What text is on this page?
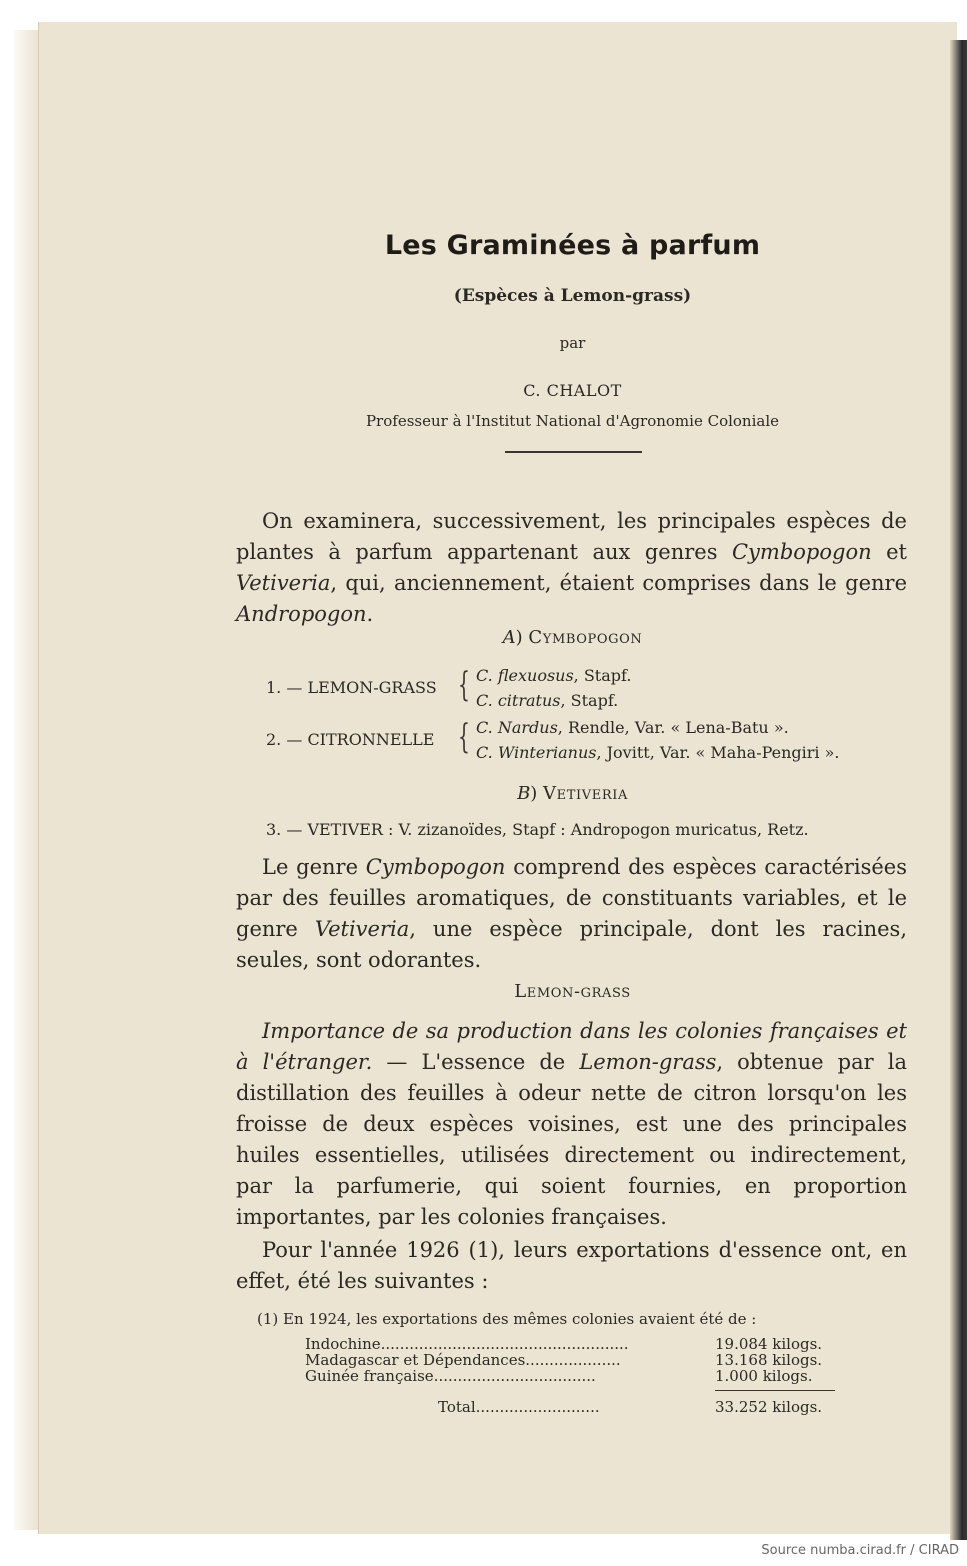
Les Graminées à parfum
(Espèces à Lemon-grass)
par
C. CHALOT
Professeur à l'Institut National d'Agronomie Coloniale

On examinera, successivement, les principales espèces de plantes à parfum appartenant aux genres Cymbopogon et Vetiveria, qui, anciennement, étaient comprises dans le genre Andropogon.

A) Cymbopogon
1. — LEMON-GRASS { C. flexuosus, Stapf.
C. citratus, Stapf.
2. — CITRONNELLE { C. Nardus, Rendle, Var. « Lena-Batu ».
C. Winterianus, Jovitt, Var. « Maha-Pengiri ».
B) Vetiveria
3. — VETIVER : V. zizanoïdes, Stapf : Andropogon muricatus, Retz.

Le genre Cymbopogon comprend des espèces caractérisées par des feuilles aromatiques, de constituants variables, et le genre Vetiveria, une espèce principale, dont les racines, seules, sont odorantes.

Lemon-grass

Importance de sa production dans les colonies françaises et à l'étranger. — L'essence de Lemon-grass, obtenue par la distillation des feuilles à odeur nette de citron lorsqu'on les froisse de deux espèces voisines, est une des principales huiles essentielles, utilisées directement ou indirectement, par la parfumerie, qui soient fournies, en proportion importantes, par les colonies françaises.

Pour l'année 1926 (1), leurs exportations d'essence ont, en effet, été les suivantes :

(1) En 1924, les exportations des mêmes colonies avaient été de :
Indochine....................................................	19.084 kilogs.
Madagascar et Dépendances....................	13.168 kilogs.
Guinée française..................................	1.000 kilogs.
Total..........................	33.252 kilogs.
Source numba.cirad.fr / CIRAD
